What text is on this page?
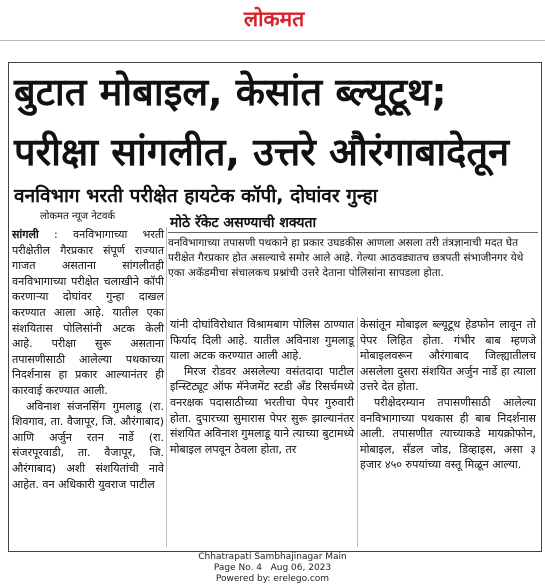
लोकमत
बुटात मोबाइल, केसांत ब्ल्यूटूथ;
परीक्षा सांगलीत, उत्तरे औरंगाबादेतून
वनविभाग भरती परीक्षेत हायटेक कॉपी, दोघांवर गुन्हा
लोकमत न्यूज नेटवर्क	मोठे रॅकेट असण्याची शक्यता
वनविभागाच्या तपासणी पथकाने हा प्रकार उघडकीस आणला असला तरी तंत्रज्ञानाची मदत घेत परीक्षेत गैरप्रकार होत असल्याचे समोर आले आहे. गेल्या आठवड्यातच छत्रपती संभाजीनगर येथे एका अकॅडमीचा संचालकच प्रश्नांची उत्तरे देताना पोलिसांना सापडला होता.

सांगली : वनविभागाच्या भरती परीक्षेतील गैरप्रकार संपूर्ण राज्यात गाजत असताना सांगलीतही वनविभागाच्या परीक्षेत चलाखीने कॉपी करणाऱ्या दोघांवर गुन्हा दाखल करण्यात आला आहे. यातील एका संशयितास पोलिसांनी अटक केली आहे. परीक्षा सुरू असताना तपासणीसाठी आलेल्या पथकाच्या निदर्शनास हा प्रकार आल्यानंतर ही कारवाई करण्यात आली.

अविनाश संजनसिंग गुमलाडू (रा. शिवगाव, ता. वैजापूर, जि. औरंगाबाद) आणि अर्जुन रतन नार्डे (रा. संजरपूरवाडी, ता. वैजापूर, जि. औरंगाबाद) अशी संशयितांची नावे आहेत. वन अधिकारी युवराज पाटील

यांनी दोघांविरोधात विश्रामबाग पोलिस ठाण्यात फिर्याद दिली आहे. यातील अविनाश गुमलाडू याला अटक करण्यात आली आहे.

मिरज रोडवर असलेल्या वसंतदादा पाटील इन्स्टिट्यूट ऑफ मॅनेजमेंट स्टडी अँड रिसर्चमध्ये वनरक्षक पदासाठीच्या भरतीचा पेपर गुरुवारी होता. दुपारच्या सुमारास पेपर सुरू झाल्यानंतर संशयित अविनाश गुमलाडू याने त्याच्या बुटामध्ये मोबाइल लपवून ठेवला होता, तर

केसांतून मोबाइल ब्ल्यूटूथ हेडफोन लावून तो पेपर लिहित होता. गंभीर बाब म्हणजे मोबाइलवरून औरंगाबाद जिल्ह्यातीलच असलेला दुसरा संशयित अर्जुन नार्डे हा त्याला उत्तरे देत होता.

परीक्षेदरम्यान तपासणीसाठी आलेल्या वनविभागाच्या पथकास ही बाब निदर्शनास आली. तपासणीत त्याच्याकडे मायक्रोफोन, मोबाइल, सँडल जोड, डिव्हाइस, असा ३ हजार ४५० रुपयांच्या वस्तू मिळून आल्या.

Chhatrapati Sambhajinagar Main
Page No. 4   Aug 06, 2023
Powered by: erelego.com
